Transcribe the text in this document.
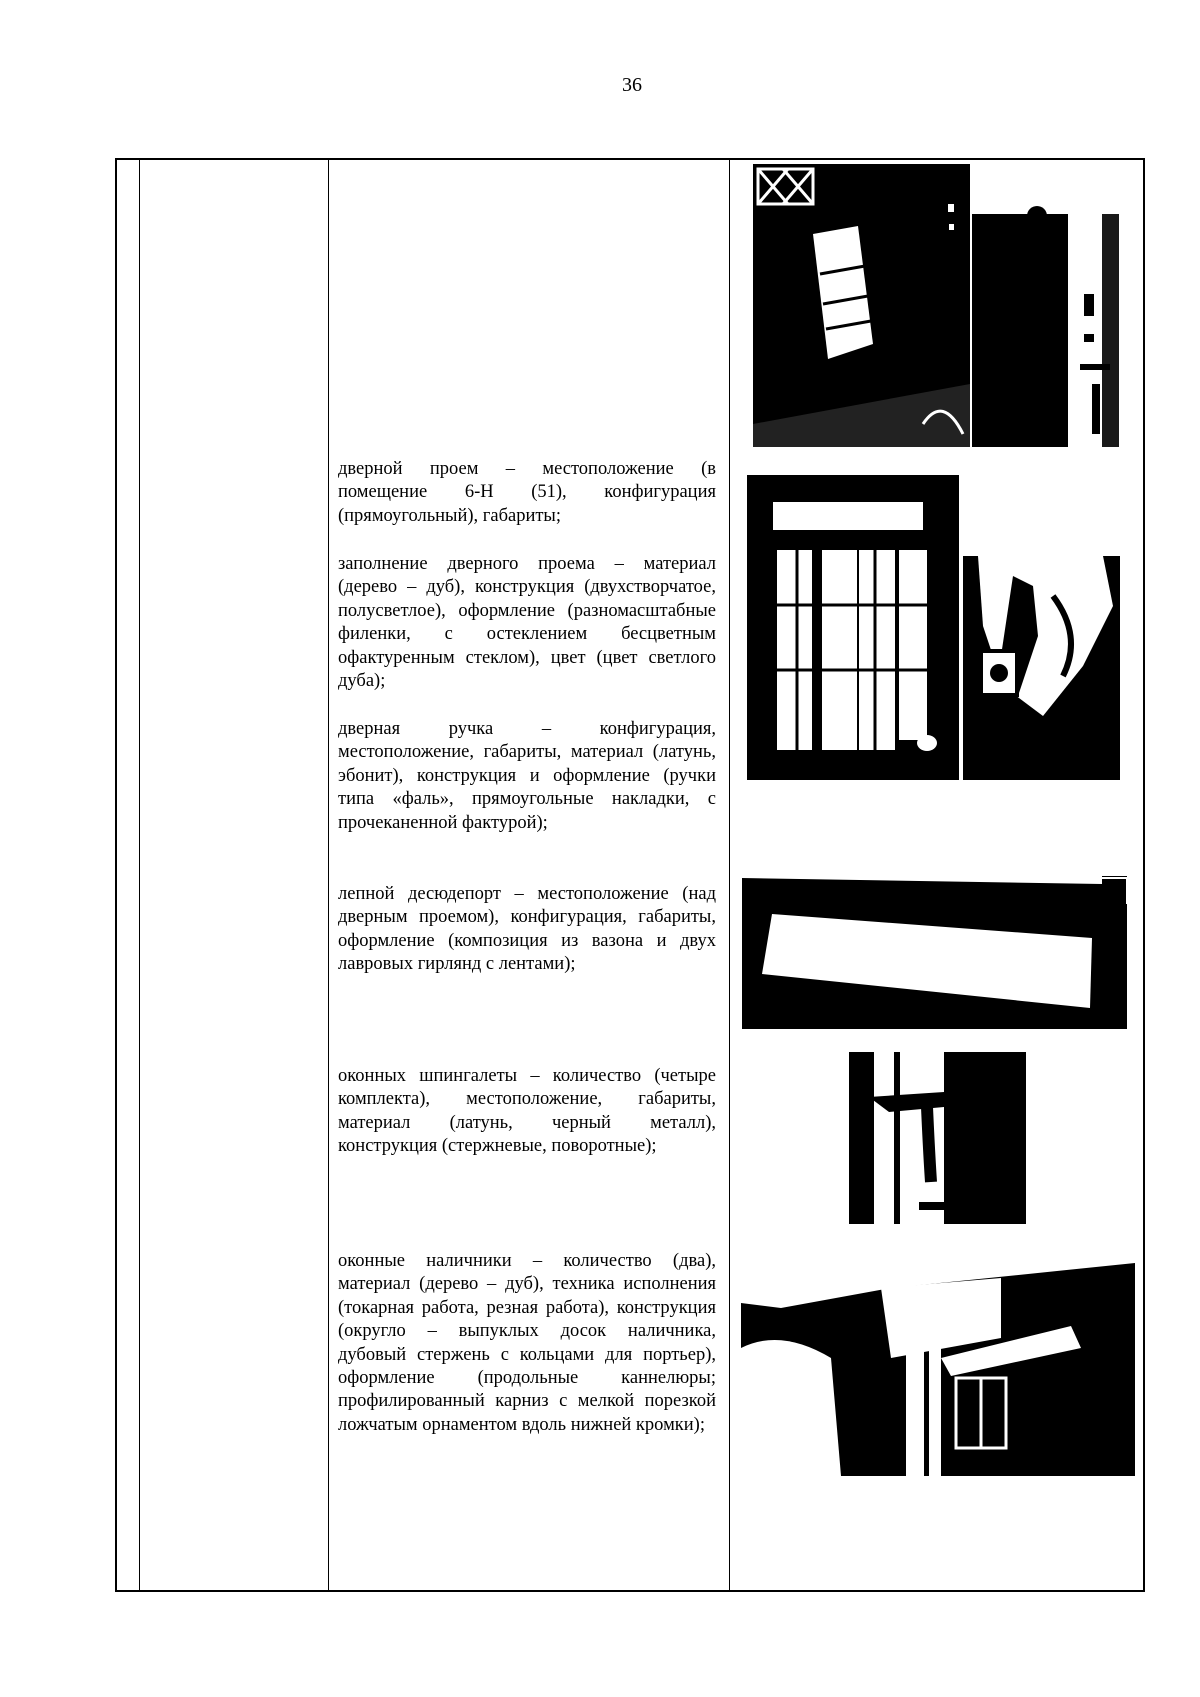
36
дверной проем – местоположение (в помещение 6-Н (51), конфигурация (прямоугольный), габариты;
заполнение дверного проема – материал (дерево – дуб), конструкция (двухстворчатое, полусветлое), оформление (разномасштабные филенки, с остеклением бесцветным офактуренным стеклом), цвет (цвет светлого дуба);
дверная ручка – конфигурация, местоположение, габариты, материал (латунь, эбонит), конструкция и оформление (ручки типа «фаль», прямоугольные накладки, с прочеканенной фактурой);
лепной десюдепорт – местоположение (над дверным проемом), конфигурация, габариты, оформление (композиция из вазона и двух лавровых гирлянд с лентами);
оконных шпингалеты – количество (четыре комплекта), местоположение, габариты, материал (латунь, черный металл), конструкция (стержневые, поворотные);
оконные наличники – количество (два), материал (дерево – дуб), техника исполнения (токарная работа, резная работа), конструкция (округло – выпуклых досок наличника, дубовый стержень с кольцами для портьер), оформление (продольные каннелюры; профилированный карниз с мелкой порезкой ложчатым орнаментом вдоль нижней кромки);
